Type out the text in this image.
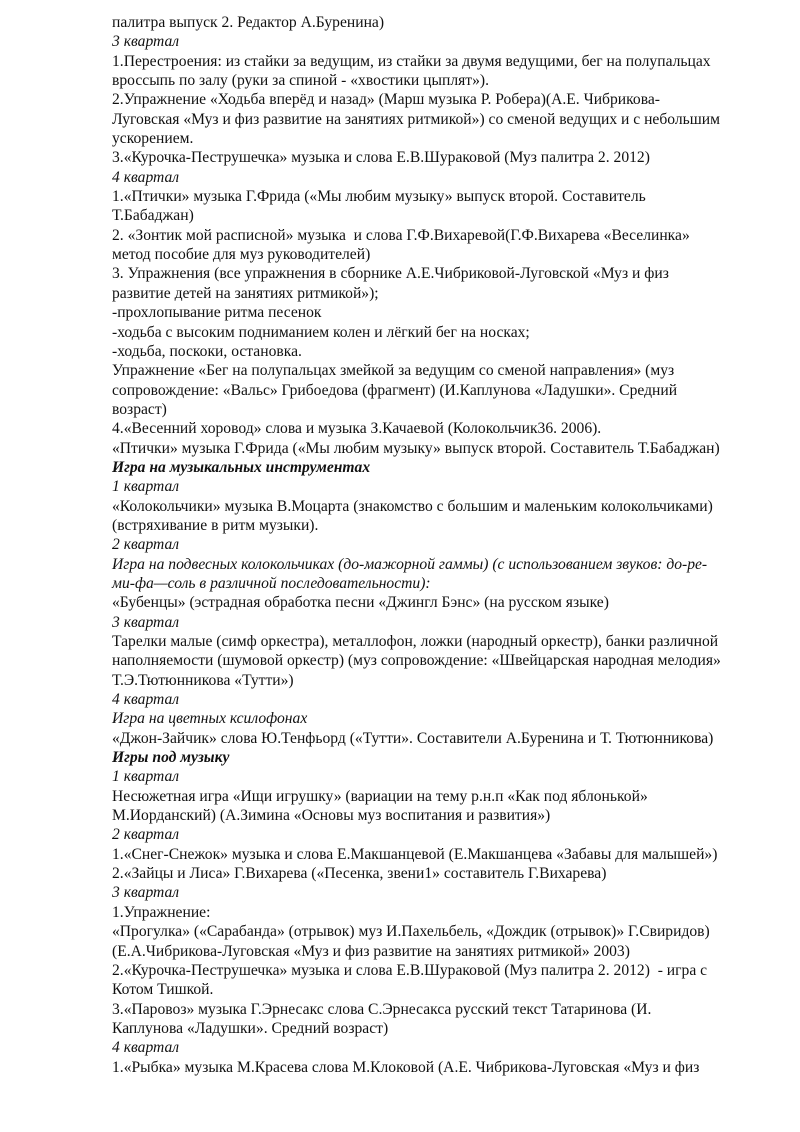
палитра выпуск 2. Редактор А.Буренина)
3 квартал
1.Перестроения: из стайки за ведущим, из стайки за двумя ведущими, бег на полупальцах
вроссыпь по залу (руки за спиной - «хвостики цыплят»).
2.Упражнение «Ходьба вперёд и назад» (Марш музыка Р. Робера)(А.Е. Чибрикова-
Луговская «Муз и физ развитие на занятиях ритмикой») со сменой ведущих и с небольшим
ускорением.
3.«Курочка-Пеструшечка» музыка и слова Е.В.Шураковой (Муз палитра 2. 2012)
4 квартал
1.«Птички» музыка Г.Фрида («Мы любим музыку» выпуск второй. Составитель
Т.Бабаджан)
2. «Зонтик мой расписной» музыка  и слова Г.Ф.Вихаревой(Г.Ф.Вихарева «Веселинка»
метод пособие для муз руководителей)
3. Упражнения (все упражнения в сборнике А.Е.Чибриковой-Луговской «Муз и физ
развитие детей на занятиях ритмикой»);
-прохлопывание ритма песенок
-ходьба с высоким подниманием колен и лёгкий бег на носках;
-ходьба, поскоки, остановка.
Упражнение «Бег на полупальцах змейкой за ведущим со сменой направления» (муз
сопровождение: «Вальс» Грибоедова (фрагмент) (И.Каплунова «Ладушки». Средний
возраст)
4.«Весенний хоровод» слова и музыка З.Качаевой (Колокольчик36. 2006).
«Птички» музыка Г.Фрида («Мы любим музыку» выпуск второй. Составитель Т.Бабаджан)
Игра на музыкальных инструментах
1 квартал
«Колокольчики» музыка В.Моцарта (знакомство с большим и маленьким колокольчиками)
(встряхивание в ритм музыки).
2 квартал
Игра на подвесных колокольчиках (до-мажорной гаммы) (с использованием звуков: до-ре-
ми-фа—соль в различной последовательности):
«Бубенцы» (эстрадная обработка песни «Джингл Бэнс» (на русском языке)
3 квартал
Тарелки малые (симф оркестра), металлофон, ложки (народный оркестр), банки различной
наполняемости (шумовой оркестр) (муз сопровождение: «Швейцарская народная мелодия»
Т.Э.Тютюнникова «Тутти»)
4 квартал
Игра на цветных ксилофонах
«Джон-Зайчик» слова Ю.Тенфьорд («Тутти». Составители А.Буренина и Т. Тютюнникова)
Игры под музыку
1 квартал
Несюжетная игра «Ищи игрушку» (вариации на тему р.н.п «Как под яблонькой»
М.Иорданский) (А.Зимина «Основы муз воспитания и развития»)
2 квартал
1.«Снег-Снежок» музыка и слова Е.Макшанцевой (Е.Макшанцева «Забавы для малышей»)
2.«Зайцы и Лиса» Г.Вихарева («Песенка, звени1» составитель Г.Вихарева)
3 квартал
1.Упражнение:
«Прогулка» («Сарабанда» (отрывок) муз И.Пахельбель, «Дождик (отрывок)» Г.Свиридов)
(Е.А.Чибрикова-Луговская «Муз и физ развитие на занятиях ритмикой» 2003)
2.«Курочка-Пеструшечка» музыка и слова Е.В.Шураковой (Муз палитра 2. 2012)  - игра с
Котом Тишкой.
3.«Паровоз» музыка Г.Эрнесакс слова С.Эрнесакса русский текст Татаринова (И.
Каплунова «Ладушки». Средний возраст)
4 квартал
1.«Рыбка» музыка М.Красева слова М.Клоковой (А.Е. Чибрикова-Луговская «Муз и физ
